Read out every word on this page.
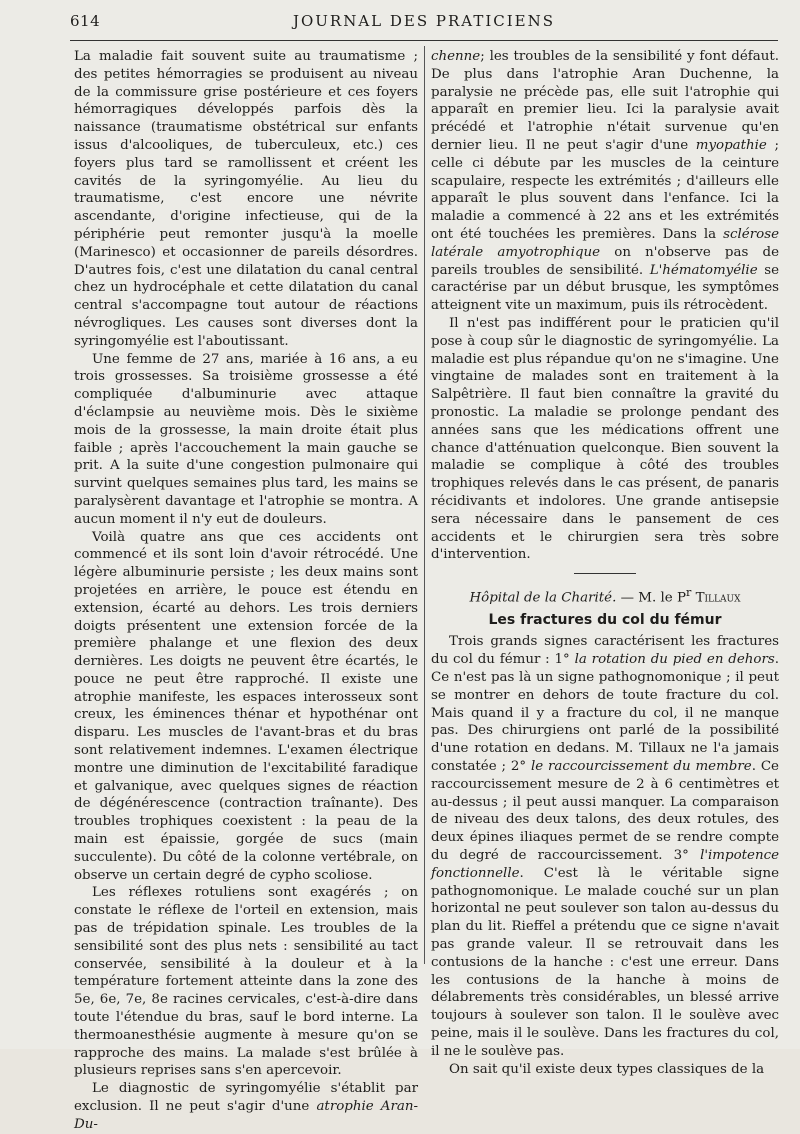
614	JOURNAL DES PRATICIENS

La maladie fait souvent suite au traumatisme ; des petites hémorragies se produisent au niveau de la commissure grise postérieure et ces foyers hémorragiques développés parfois dès la naissance (traumatisme obstétrical sur enfants issus d'alcooliques, de tuberculeux, etc.) ces foyers plus tard se ramollissent et créent les cavités de la syringomyélie. Au lieu du traumatisme, c'est encore une névrite ascendante, d'origine infectieuse, qui de la périphérie peut remonter jusqu'à la moelle (Marinesco) et occasionner de pareils désordres. D'autres fois, c'est une dilatation du canal central chez un hydrocéphale et cette dilatation du canal central s'accompagne tout autour de réactions névrogliques. Les causes sont diverses dont la syringomyélie est l'aboutissant.

Une femme de 27 ans, mariée à 16 ans, a eu trois grossesses. Sa troisième grossesse a été compliquée d'albuminurie avec attaque d'éclampsie au neuvième mois. Dès le sixième mois de la grossesse, la main droite était plus faible ; après l'accouchement la main gauche se prit. A la suite d'une congestion pulmonaire qui survint quelques semaines plus tard, les mains se paralysèrent davantage et l'atrophie se montra. A aucun moment il n'y eut de douleurs.

Voilà quatre ans que ces accidents ont commencé et ils sont loin d'avoir rétrocédé. Une légère albuminurie persiste ; les deux mains sont projetées en arrière, le pouce est étendu en extension, écarté au dehors. Les trois derniers doigts présentent une extension forcée de la première phalange et une flexion des deux dernières. Les doigts ne peuvent être écartés, le pouce ne peut être rapproché. Il existe une atrophie manifeste, les espaces interosseux sont creux, les éminences thénar et hypothénar ont disparu. Les muscles de l'avant-bras et du bras sont relativement indemnes. L'examen électrique montre une diminution de l'excitabilité faradique et galvanique, avec quelques signes de réaction de dégénérescence (contraction traînante). Des troubles trophiques coexistent : la peau de la main est épaissie, gorgée de sucs (main succulente). Du côté de la colonne vertébrale, on observe un certain degré de cypho scoliose.

Les réflexes rotuliens sont exagérés ; on constate le réflexe de l'orteil en extension, mais pas de trépidation spinale. Les troubles de la sensibilité sont des plus nets : sensibilité au tact conservée, sensibilité à la douleur et à la température fortement atteinte dans la zone des 5e, 6e, 7e, 8e racines cervicales, c'est-à-dire dans toute l'étendue du bras, sauf le bord interne. La thermoanesthésie augmente à mesure qu'on se rapproche des mains. La malade s'est brûlée à plusieurs reprises sans s'en apercevoir.

Le diagnostic de syringomyélie s'établit par exclusion. Il ne peut s'agir d'une atrophie Aran-Du-

chenne; les troubles de la sensibilité y font défaut. De plus dans l'atrophie Aran Duchenne, la paralysie ne précède pas, elle suit l'atrophie qui apparaît en premier lieu. Ici la paralysie avait précédé et l'atrophie n'était survenue qu'en dernier lieu. Il ne peut s'agir d'une myopathie ; celle ci débute par les muscles de la ceinture scapulaire, respecte les extrémités ; d'ailleurs elle apparaît le plus souvent dans l'enfance. Ici la maladie a commencé à 22 ans et les extrémités ont été touchées les premières. Dans la sclérose latérale amyotrophique on n'observe pas de pareils troubles de sensibilité. L'hématomyélie se caractérise par un début brusque, les symptômes atteignent vite un maximum, puis ils rétrocèdent.

Il n'est pas indifférent pour le praticien qu'il pose à coup sûr le diagnostic de syringomyélie. La maladie est plus répandue qu'on ne s'imagine. Une vingtaine de malades sont en traitement à la Salpêtrière. Il faut bien connaître la gravité du pronostic. La maladie se prolonge pendant des années sans que les médications offrent une chance d'atténuation quelconque. Bien souvent la maladie se complique à côté des troubles trophiques relevés dans le cas présent, de panaris récidivants et indolores. Une grande antisepsie sera nécessaire dans le pansement de ces accidents et le chirurgien sera très sobre d'intervention.

Hôpital de la Charité. — M. le $P^r$ Tillaux
Les fractures du col du fémur

Trois grands signes caractérisent les fractures du col du fémur : 1° la rotation du pied en dehors. Ce n'est pas là un signe pathognomonique ; il peut se montrer en dehors de toute fracture du col. Mais quand il y a fracture du col, il ne manque pas. Des chirurgiens ont parlé de la possibilité d'une rotation en dedans. M. Tillaux ne l'a jamais constatée ; 2° le raccourcissement du membre. Ce raccourcissement mesure de 2 à 6 centimètres et au-dessus ; il peut aussi manquer. La comparaison de niveau des deux talons, des deux rotules, des deux épines iliaques permet de se rendre compte du degré de raccourcissement. 3° l'impotence fonctionnelle. C'est là le véritable signe pathognomonique. Le malade couché sur un plan horizontal ne peut soulever son talon au-dessus du plan du lit. Rieffel a prétendu que ce signe n'avait pas grande valeur. Il se retrouvait dans les contusions de la hanche : c'est une erreur. Dans les contusions de la hanche à moins de délabrements très considérables, un blessé arrive toujours à soulever son talon. Il le soulève avec peine, mais il le soulève. Dans les fractures du col, il ne le soulève pas.

On sait qu'il existe deux types classiques de la
